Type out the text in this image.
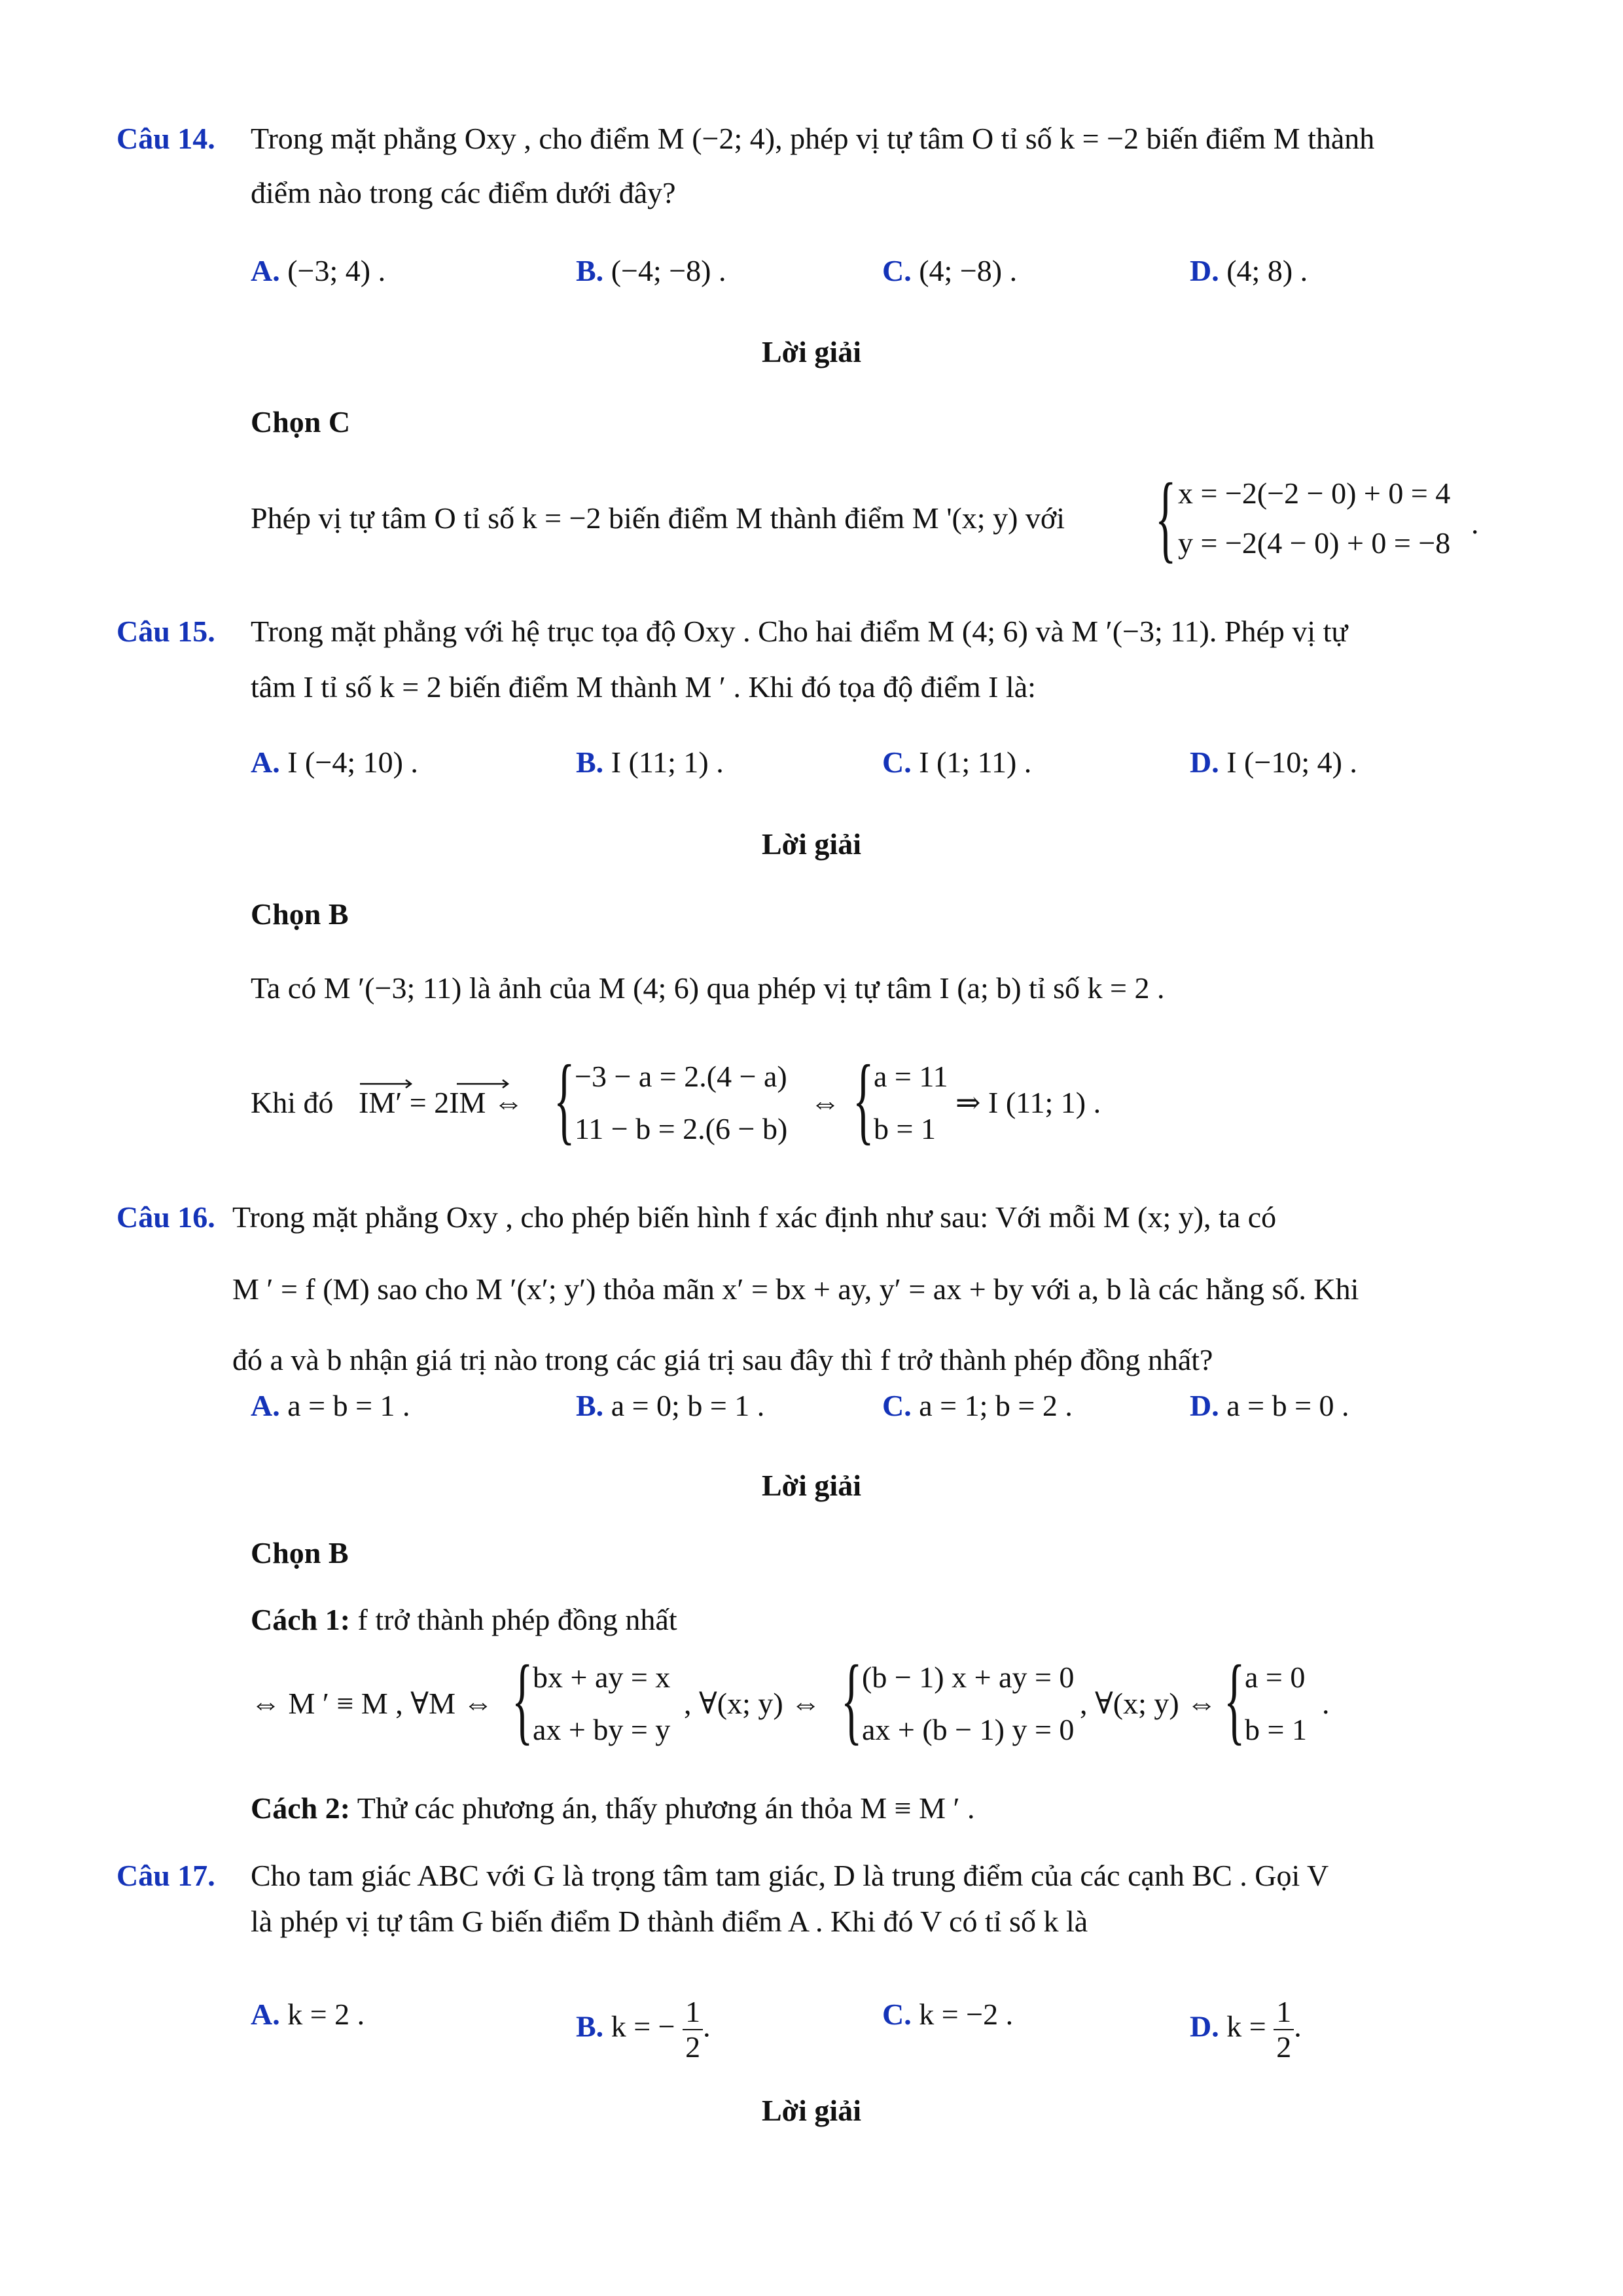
Câu 14. Trong mặt phẳng Oxy , cho điểm M (−2; 4), phép vị tự tâm O tỉ số k = −2 biến điểm M thành
điểm nào trong các điểm dưới đây?
A. (−3; 4) .	B. (−4; −8) .	C. (4; −8) .	D. (4; 8) .
Lời giải
Chọn C
Phép vị tự tâm O tỉ số k = −2 biến điểm M thành điểm M '(x; y) với { x = −2(−2 − 0) + 0 = 4
y = −2(4 − 0) + 0 = −8
.
Câu 15. Trong mặt phẳng với hệ trục tọa độ Oxy . Cho hai điểm M (4; 6) và M ′(−3; 11). Phép vị tự
tâm I tỉ số k = 2 biến điểm M thành M ′ . Khi đó tọa độ điểm I là:
A. I (−4; 10) .	B. I (11; 1) .	C. I (1; 11) .	D. I (−10; 4) .
Lời giải
Chọn B
Ta có M ′(−3; 11) là ảnh của M (4; 6) qua phép vị tự tâm I (a; b) tỉ số k = 2 .
Khi đó IM′ = 2IM ⇔ { −3 − a = 2.(4 − a)
11 − b = 2.(6 − b)
⇔ { a = 11
b = 1
⇒ I (11; 1) .
Câu 16. Trong mặt phẳng Oxy , cho phép biến hình f xác định như sau: Với mỗi M (x; y), ta có
M ′ = f (M) sao cho M ′(x′; y′) thỏa mãn x′ = bx + ay, y′ = ax + by với a, b là các hằng số. Khi
đó a và b nhận giá trị nào trong các giá trị sau đây thì f trở thành phép đồng nhất?
A. a = b = 1 .	B. a = 0; b = 1 .	C. a = 1; b = 2 .	D. a = b = 0 .
Lời giải
Chọn B
Cách 1: f trở thành phép đồng nhất
⇔ M ′ ≡ M , ∀M ⇔ { bx + ay = x
ax + by = y
, ∀(x; y) ⇔ { (b − 1) x + ay = 0
ax + (b − 1) y = 0
, ∀(x; y) ⇔ { a = 0
b = 1
.
Cách 2: Thử các phương án, thấy phương án thỏa M ≡ M ′ .
Câu 17. Cho tam giác ABC với G là trọng tâm tam giác, D là trung điểm của các cạnh BC . Gọi V
là phép vị tự tâm G biến điểm D thành điểm A . Khi đó V có tỉ số k là
A. k = 2 .	B. k = − $\frac{1}{2}$ .	C. k = −2 .	D. $k = \frac{1}{2}$ .
Lời giải
